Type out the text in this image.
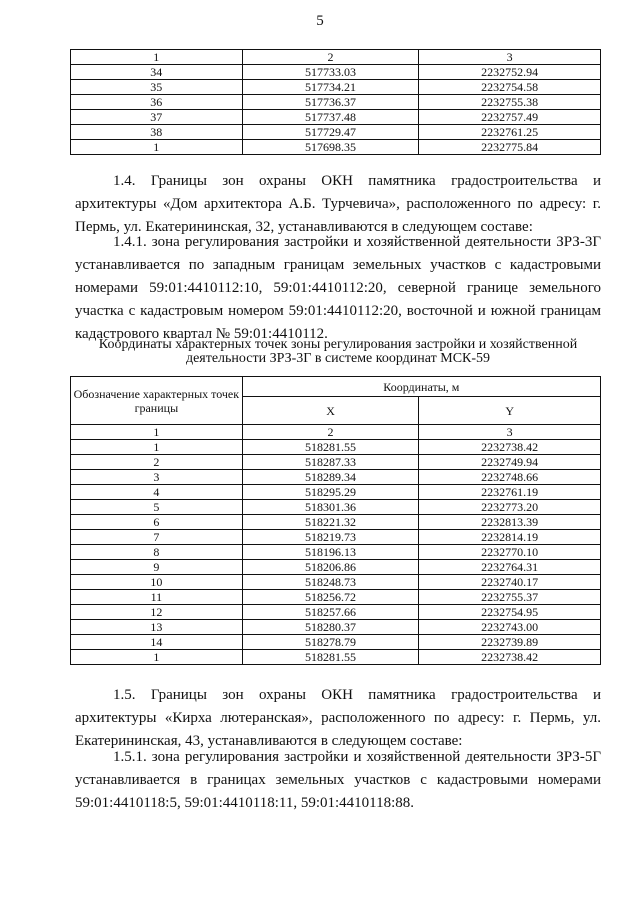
5
1	2	3
34	517733.03	2232752.94
35	517734.21	2232754.58
36	517736.37	2232755.38
37	517737.48	2232757.49
38	517729.47	2232761.25
1	517698.35	2232775.84

1.4. Границы зон охраны ОКН памятника градостроительства и архитектуры «Дом архитектора А.Б. Турчевича», расположенного по адресу: г. Пермь, ул. Екатерининская, 32, устанавливаются в следующем составе:

1.4.1. зона регулирования застройки и хозяйственной деятельности ЗРЗ-3Г устанавливается по западным границам земельных участков с кадастровыми номерами 59:01:4410112:10, 59:01:4410112:20, северной границе земельного участка с кадастровым номером 59:01:4410112:20, восточной и южной границам кадастрового квартал № 59:01:4410112.

Координаты характерных точек зоны регулирования застройки и хозяйственной деятельности ЗРЗ-3Г в системе координат МСК-59

Обозначение характерных точек границы	Координаты, м	
	X	Y
1	2	3
1	518281.55	2232738.42
2	518287.33	2232749.94
3	518289.34	2232748.66
4	518295.29	2232761.19
5	518301.36	2232773.20
6	518221.32	2232813.39
7	518219.73	2232814.19
8	518196.13	2232770.10
9	518206.86	2232764.31
10	518248.73	2232740.17
11	518256.72	2232755.37
12	518257.66	2232754.95
13	518280.37	2232743.00
14	518278.79	2232739.89
1	518281.55	2232738.42

1.5. Границы зон охраны ОКН памятника градостроительства и архитектуры «Кирха лютеранская», расположенного по адресу: г. Пермь, ул. Екатерининская, 43, устанавливаются в следующем составе:

1.5.1. зона регулирования застройки и хозяйственной деятельности ЗРЗ-5Г устанавливается в границах земельных участков с кадастровыми номерами 59:01:4410118:5, 59:01:4410118:11, 59:01:4410118:88.
